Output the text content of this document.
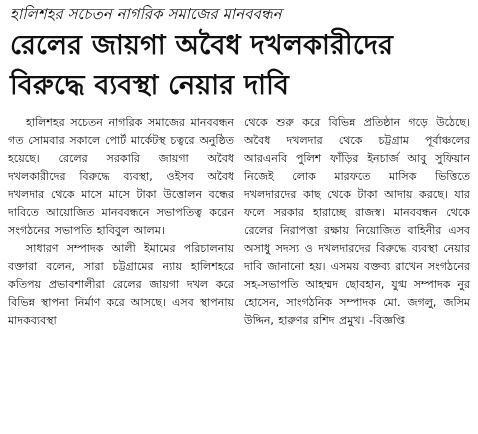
হালিশহর সচেতন নাগরিক সমাজের মানববন্ধন
রেলের জায়গা অবৈধ দখলকারীদের
বিরুদ্ধে ব্যবস্থা নেয়ার দাবি

হালিশহর সচেতন নাগরিক সমাজের মানববন্ধন গত সোমবার সকালে পোর্ট মার্কেটস্থ চত্বরে অনুষ্ঠিত হয়েছে। রেলের সরকারি জায়গা অবৈধ দখলকারীদের বিরুদ্ধে ব্যবস্থা, ওইসব অবৈধ দখলদার থেকে মাসে মাসে টাকা উত্তোলন বন্ধের দাবিতে আয়োজিত মানববন্ধনে সভাপতিত্ব করেন সংগঠনের সভাপতি হাবিবুল আলম।

সাধারণ সম্পাদক আলী ইমামের পরিচালনায় বক্তারা বলেন, সারা চট্টগ্রামের ন্যায় হালিশহরে কতিপয় প্রভাবশালীরা রেলের জায়গা দখল করে বিভিন্ন স্থাপনা নির্মাণ করে আসছে। এসব স্থাপনায় মাদকব্যবস্থা

থেকে শুরু করে বিভিন্ন প্রতিষ্ঠান গড়ে উঠেছে। অবৈধ দখলদার থেকে চট্টগ্রাম পূর্বাঞ্চলের আরএনবি পুলিশ ফাঁড়ির ইনচার্জ আবু সুফিয়ান নিজেই লোক মারফতে মাসিক ভিত্তিতে দখলদারদের কাছ থেকে টাকা আদায় করছে। যার ফলে সরকার হারাচ্ছে রাজস্ব। মানববন্ধন থেকে রেলের নিরাপত্তা রক্ষায় নিয়োজিত বাহিনীর এসব অসাধু সদস্য ও দখলদারদের বিরুদ্ধে ব্যবস্থা নেয়ার দাবি জানানো হয়। এসময় বক্তব্য রাখেন সংগঠনের সহ-সভাপতি আহম্মদ ছোবহান, যুগ্ম সম্পাদক নুর হোসেন, সাংগঠনিক সম্পাদক মো. জগলু, জসিম উদ্দিন, হারুণর রশিদ প্রমুখ। -বিজ্ঞপ্তি
